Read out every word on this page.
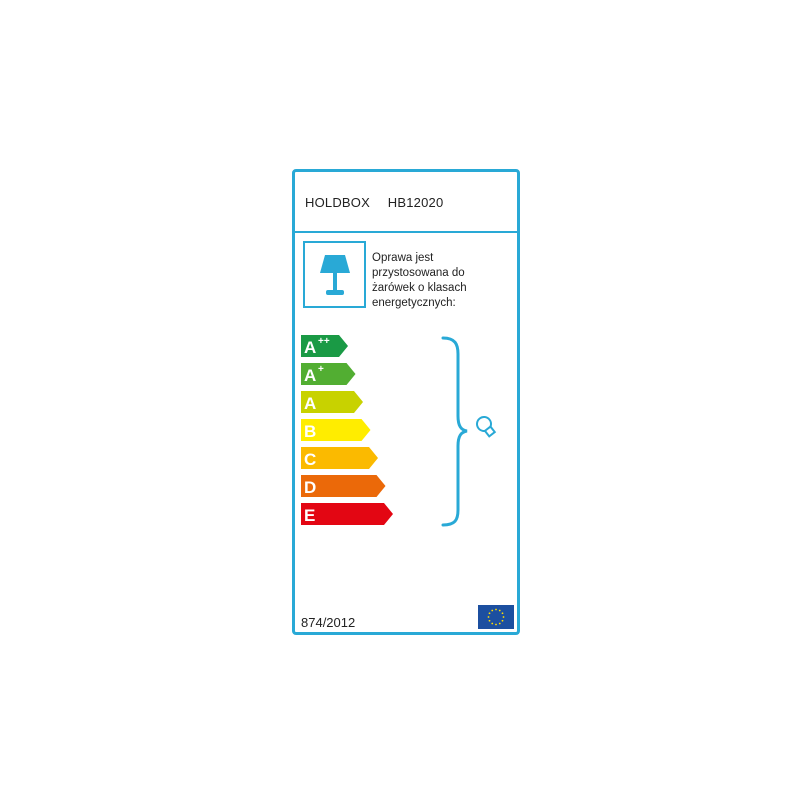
HOLDBOX HB12020
Oprawa jest
przystosowana do
żarówek o klasach
energetycznych:
A ++
A +
A
B
C
D
E
874/2012
